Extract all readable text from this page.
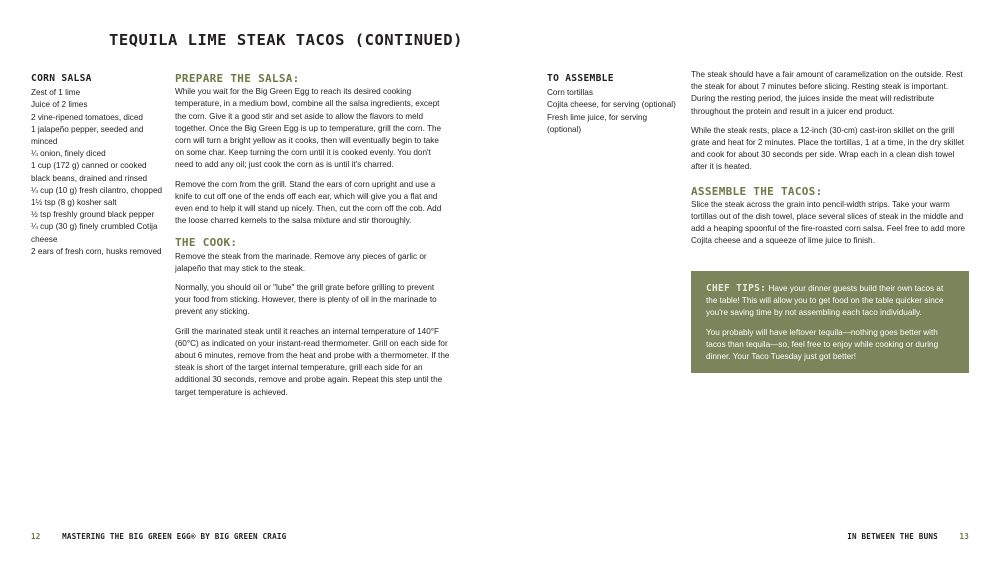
TEQUILA LIME STEAK TACOS (CONTINUED)
CORN SALSA
Zest of 1 lime
Juice of 2 limes
2 vine-ripened tomatoes, diced
1 jalapeño pepper, seeded and minced
¼ onion, finely diced
1 cup (172 g) canned or cooked black beans, drained and rinsed
¼ cup (10 g) fresh cilantro, chopped
1½ tsp (8 g) kosher salt
½ tsp freshly ground black pepper
¼ cup (30 g) finely crumbled Cotija cheese
2 ears of fresh corn, husks removed
PREPARE THE SALSA:

While you wait for the Big Green Egg to reach its desired cooking temperature, in a medium bowl, combine all the salsa ingredients, except the corn. Give it a good stir and set aside to allow the flavors to meld together. Once the Big Green Egg is up to temperature, grill the corn. The corn will turn a bright yellow as it cooks, then will eventually begin to take on some char. Keep turning the corn until it is cooked evenly. You don't need to add any oil; just cook the corn as is until it's charred.

Remove the corn from the grill. Stand the ears of corn upright and use a knife to cut off one of the ends off each ear, which will give you a flat and even end to help it will stand up nicely. Then, cut the corn off the cob. Add the loose charred kernels to the salsa mixture and stir thoroughly.

THE COOK:

Remove the steak from the marinade. Remove any pieces of garlic or jalapeño that may stick to the steak.

Normally, you should oil or "lube" the grill grate before grilling to prevent your food from sticking. However, there is plenty of oil in the marinade to prevent any sticking.

Grill the marinated steak until it reaches an internal temperature of 140°F (60°C) as indicated on your instant-read thermometer. Grill on each side for about 6 minutes, remove from the heat and probe with a thermometer. If the steak is short of the target internal temperature, grill each side for an additional 30 seconds, remove and probe again. Repeat this step until the target temperature is achieved.

TO ASSEMBLE
Corn tortillas
Cojita cheese, for serving (optional)
Fresh lime juice, for serving (optional)

The steak should have a fair amount of caramelization on the outside. Rest the steak for about 7 minutes before slicing. Resting steak is important. During the resting period, the juices inside the meat will redistribute throughout the protein and result in a juicer end product.

While the steak rests, place a 12-inch (30-cm) cast-iron skillet on the grill grate and heat for 2 minutes. Place the tortillas, 1 at a time, in the dry skillet and cook for about 30 seconds per side. Wrap each in a clean dish towel after it is heated.

ASSEMBLE THE TACOS:

Slice the steak across the grain into pencil-width strips. Take your warm tortillas out of the dish towel, place several slices of steak in the middle and add a heaping spoonful of the fire-roasted corn salsa. Feel free to add more Cojita cheese and a squeeze of lime juice to finish.

CHEF TIPS: Have your dinner guests build their own tacos at the table! This will allow you to get food on the table quicker since you're saving time by not assembling each taco individually.

You probably will have leftover tequila—nothing goes better with tacos than tequila—so, feel free to enjoy while cooking or during dinner. Your Taco Tuesday just got better!

12	MASTERING THE BIG GREEN EGG® BY BIG GREEN CRAIG	IN BETWEEN THE BUNS	13
